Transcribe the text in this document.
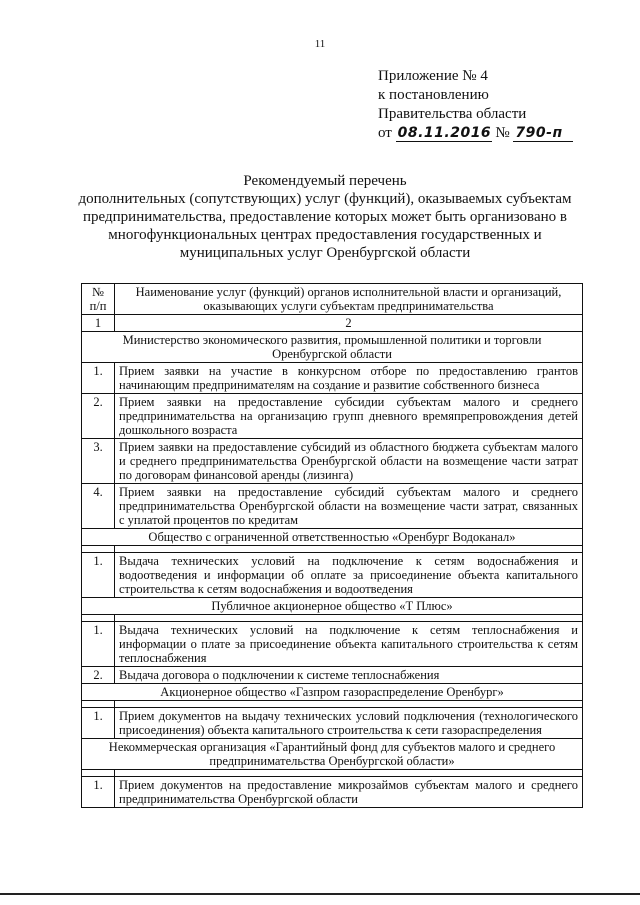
11
Приложение № 4
к постановлению
Правительства области
от 08.11.2016 № 790-п
Рекомендуемый перечень
дополнительных (сопутствующих) услуг (функций), оказываемых субъектам
предпринимательства, предоставление которых может быть организовано в
многофункциональных центрах предоставления государственных и
муниципальных услуг Оренбургской области
№ п/п	Наименование услуг (функций) органов исполнительной власти и организаций, оказывающих услуги субъектам предпринимательства
1	2
Министерство экономического развития, промышленной политики и торговли Оренбургской области	
1.	Прием заявки на участие в конкурсном отборе по предоставлению грантов начинающим предпринимателям на создание и развитие собственного бизнеса
2.	Прием заявки на предоставление субсидии субъектам малого и среднего предпринимательства на организацию групп дневного времяпрепровождения детей дошкольного возраста
3.	Прием заявки на предоставление субсидий из областного бюджета субъектам малого и среднего предпринимательства Оренбургской области на возмещение части затрат по договорам финансовой аренды (лизинга)
4.	Прием заявки на предоставление субсидий субъектам малого и среднего предпринимательства Оренбургской области на возмещение части затрат, связанных с уплатой процентов по кредитам
Общество с ограниченной ответственностью «Оренбург Водоканал»	

1.	Выдача технических условий на подключение к сетям водоснабжения и водоотведения и информации об оплате за присоединение объекта капитального строительства к сетям водоснабжения и водоотведения
Публичное акционерное общество «Т Плюс»	

1.	Выдача технических условий на подключение к сетям теплоснабжения и информации о плате за присоединение объекта капитального строительства к сетям теплоснабжения
2.	Выдача договора о подключении к системе теплоснабжения
Акционерное общество «Газпром газораспределение Оренбург»	

1.	Прием документов на выдачу технических условий подключения (технологического присоединения) объекта капитального строительства к сети газораспределения
Некоммерческая организация «Гарантийный фонд для субъектов малого и среднего предпринимательства Оренбургской области»	

1.	Прием документов на предоставление микрозаймов субъектам малого и среднего предпринимательства Оренбургской области
